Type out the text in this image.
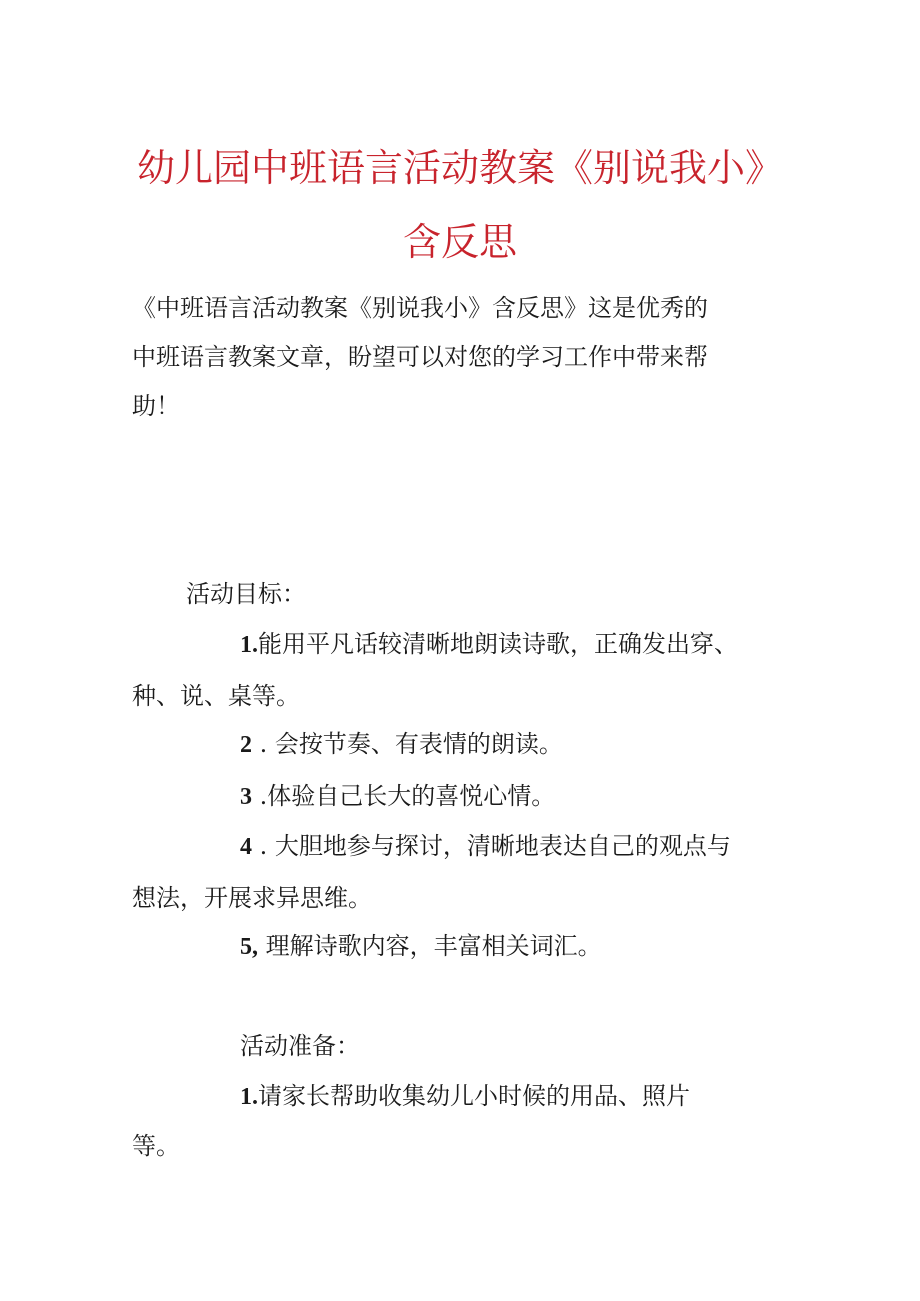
幼儿园中班语言活动教案《别说我小》
含反思
《中班语言活动教案《别说我小》含反思》这是优秀的
中班语言教案文章，盼望可以对您的学习工作中带来帮
助！
活动目标：
1.能用平凡话较清晰地朗读诗歌，正确发出穿、
种、说、桌等。
2 . 会按节奏、有表情的朗读。
3 .体验自己长大的喜悦心情。
4 . 大胆地参与探讨，清晰地表达自己的观点与
想法，开展求异思维。
5, 理解诗歌内容，丰富相关词汇。
活动准备：
1.请家长帮助收集幼儿小时候的用品、照片
等。
